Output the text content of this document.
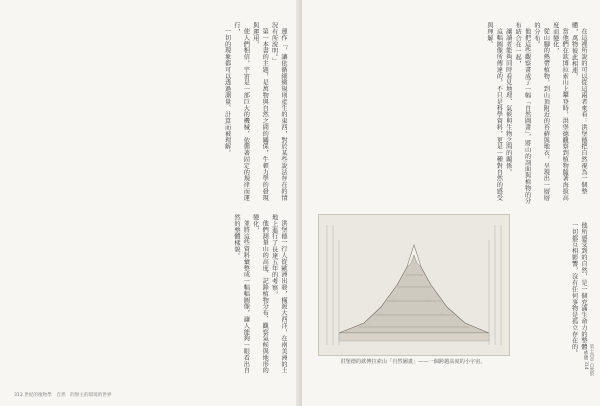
運作「，讓依循細緻規則產生的東西，對於某些說法存在的情況有所說明。」

第一本書的主題，是萬物與自然之間的關係，牛頓力學的發現與運用，

使人們相信，宇宙是一部巨大的機械，依循著固定的規律而運行，

一切的現象都可以透過測量、計算而被理解。

洪堡德一行人從歐洲出發，橫渡大西洋，在南美洲的土地上進行了長達五年的考察，

他們測量山的高度、記錄植物分布、觀察氣候與地形的變化，

並將這些資料彙整成一幅幅圖像，讓人能夠一眼看出自然的整體樣貌。

312 世紀的植物學　自然　的無主的環境的世界

在這裡所說的可以從這兩者來看：洪堡德把自然視為一個整體，萬物彼此相連，

當他們在欽博拉索山上攀登時，洪堡德觀察到植物隨著海拔高度而變化，

從山腳的熱帶植物，到山頂附近的苔蘚與地衣，呈現出一層層的分布。

他把這些觀察畫成了一幅「自然圖畫」，將山的剖面與植物的分布結合在一起，

讓讀者能夠同時看見地理、氣候與生物之間的關係。

這幅圖像所傳達的，不只是科學資料，更是一種對自然的感受與理解。

·····
·····	·····
····	····
洪堡德的欽博拉索山「自然圖畫」——一個跨越高度的小宇宙。

他所感受到的自然，是一個充滿生命力的整體，

一切都互相影響，沒有任何事物是孤立存在的。

第十四章 自然的 整體 314
